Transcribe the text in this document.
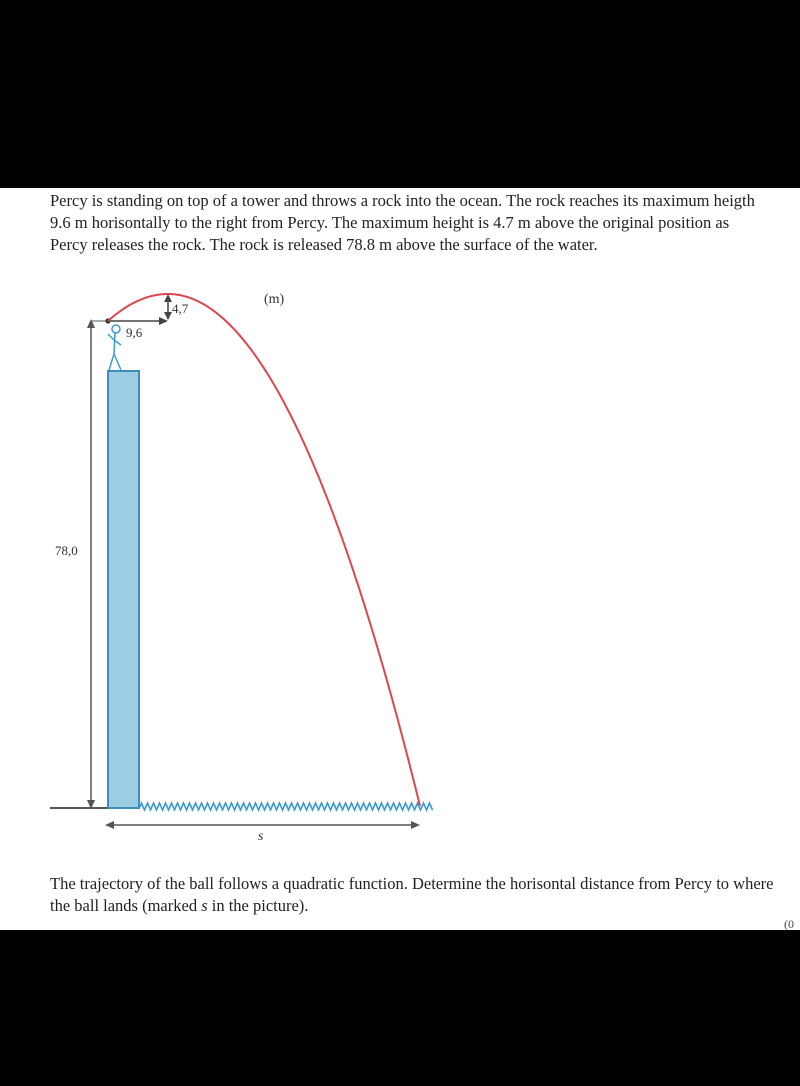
Percy is standing on top of a tower and throws a rock into the ocean. The rock reaches its maximum heigth 9.6 m horisontally to the right from Percy. The maximum height is 4.7 m above the original position as Percy releases the rock. The rock is released 78.8 m above the surface of the water.
78,0
9,6
4,7
(m)
s
The trajectory of the ball follows a quadratic function. Determine the horisontal distance from Percy to where the ball lands (marked s in the picture).
(0
